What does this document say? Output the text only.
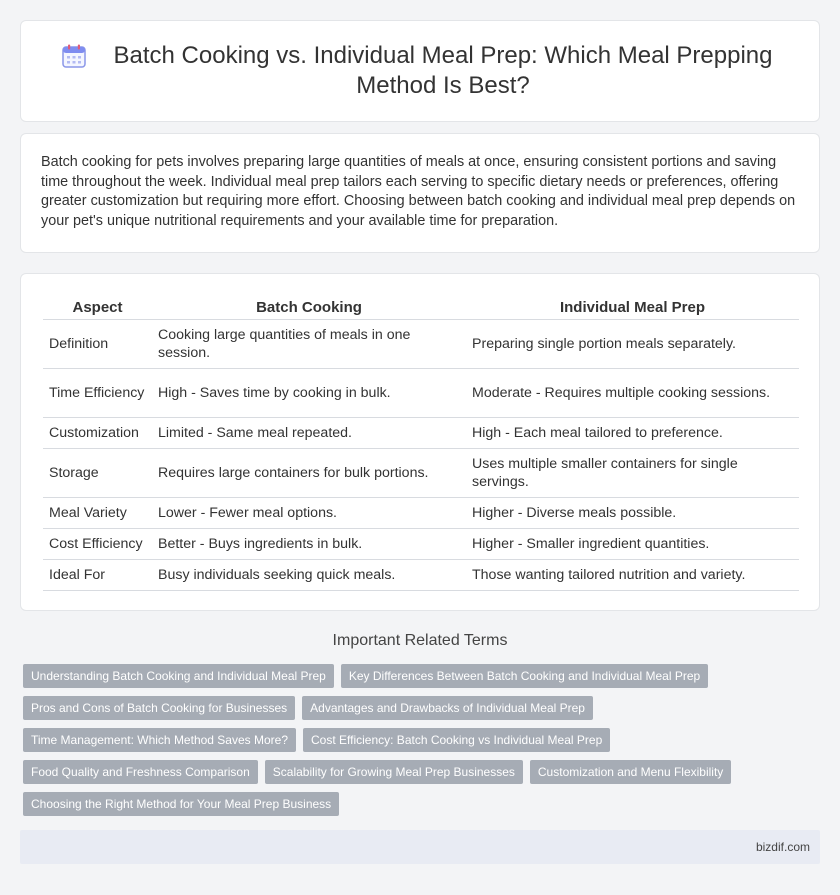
Batch Cooking vs. Individual Meal Prep: Which Meal Prepping Method Is Best?

Batch cooking for pets involves preparing large quantities of meals at once, ensuring consistent portions and saving time throughout the week. Individual meal prep tailors each serving to specific dietary needs or preferences, offering greater customization but requiring more effort. Choosing between batch cooking and individual meal prep depends on your pet's unique nutritional requirements and your available time for preparation.

Aspect	Batch Cooking	Individual Meal Prep
Definition	Cooking large quantities of meals in one session.	Preparing single portion meals separately.
Time Efficiency	High - Saves time by cooking in bulk.	Moderate - Requires multiple cooking sessions.
Customization	Limited - Same meal repeated.	High - Each meal tailored to preference.
Storage	Requires large containers for bulk portions.	Uses multiple smaller containers for single servings.
Meal Variety	Lower - Fewer meal options.	Higher - Diverse meals possible.
Cost Efficiency	Better - Buys ingredients in bulk.	Higher - Smaller ingredient quantities.
Ideal For	Busy individuals seeking quick meals.	Those wanting tailored nutrition and variety.
Important Related Terms
Understanding Batch Cooking and Individual Meal Prep	Key Differences Between Batch Cooking and Individual Meal Prep
Pros and Cons of Batch Cooking for Businesses	Advantages and Drawbacks of Individual Meal Prep
Time Management: Which Method Saves More?	Cost Efficiency: Batch Cooking vs Individual Meal Prep
Food Quality and Freshness Comparison	Scalability for Growing Meal Prep Businesses	Customization and Menu Flexibility
Choosing the Right Method for Your Meal Prep Business
bizdif.com
